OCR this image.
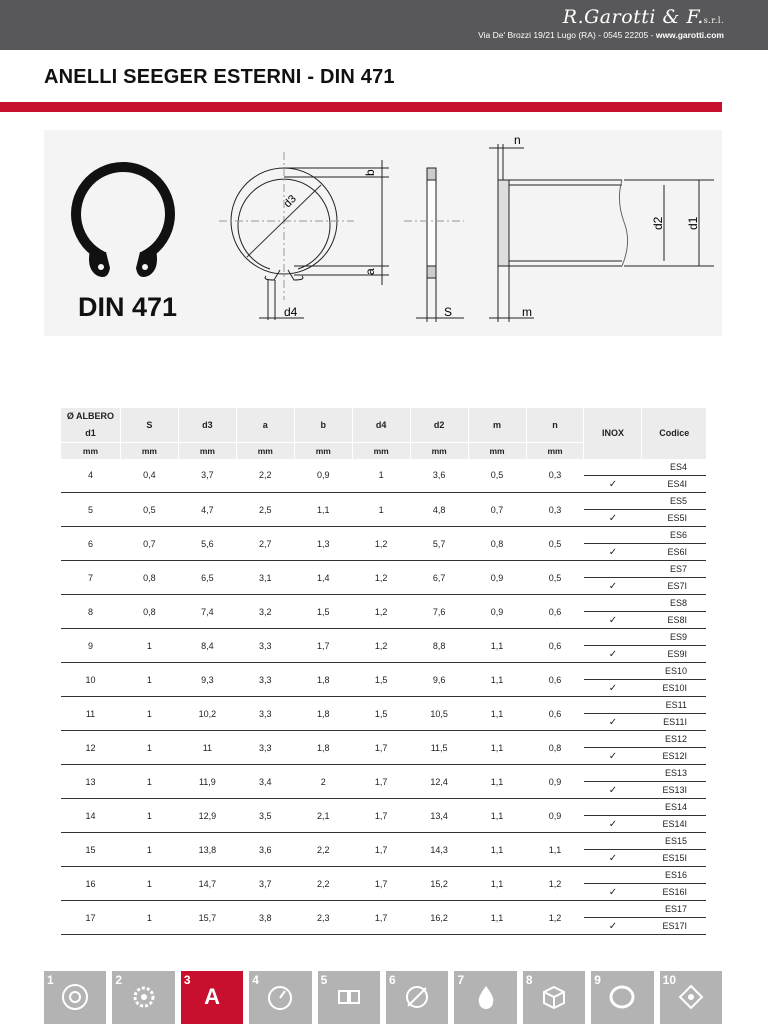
R.Garotti & F.s.r.l.
Via De' Brozzi 19/21 Lugo (RA) - 0545 22205 - www.garotti.com
ANELLI SEEGER ESTERNI - DIN 471
DIN 471
b
a
d3
d4	S
n
m
d2 d1
Ø ALBERO
d1	S	d3	a	b	d4	d2	m	n	INOX	Codice
mm	mm	mm	mm	mm	mm	mm	mm	mm		
4	0,4	3,7	2,2	0,9	1	3,6	0,5	0,3		ES4
									✓	ES4I
5	0,5	4,7	2,5	1,1	1	4,8	0,7	0,3		ES5
									✓	ES5I
6	0,7	5,6	2,7	1,3	1,2	5,7	0,8	0,5		ES6
									✓	ES6I
7	0,8	6,5	3,1	1,4	1,2	6,7	0,9	0,5		ES7
									✓	ES7I
8	0,8	7,4	3,2	1,5	1,2	7,6	0,9	0,6		ES8
									✓	ES8I
9	1	8,4	3,3	1,7	1,2	8,8	1,1	0,6		ES9
									✓	ES9I
10	1	9,3	3,3	1,8	1,5	9,6	1,1	0,6		ES10
									✓	ES10I
11	1	10,2	3,3	1,8	1,5	10,5	1,1	0,6		ES11
									✓	ES11I
12	1	11	3,3	1,8	1,7	11,5	1,1	0,8		ES12
									✓	ES12I
13	1	11,9	3,4	2	1,7	12,4	1,1	0,9		ES13
									✓	ES13I
14	1	12,9	3,5	2,1	1,7	13,4	1,1	0,9		ES14
									✓	ES14I
15	1	13,8	3,6	2,2	1,7	14,3	1,1	1,1		ES15
									✓	ES15I
16	1	14,7	3,7	2,2	1,7	15,2	1,1	1,2		ES16
									✓	ES16I
17	1	15,7	3,8	2,3	1,7	16,2	1,1	1,2		ES17
									✓	ES17I
1	2	3
A
4	5	6	7	8	9	10
